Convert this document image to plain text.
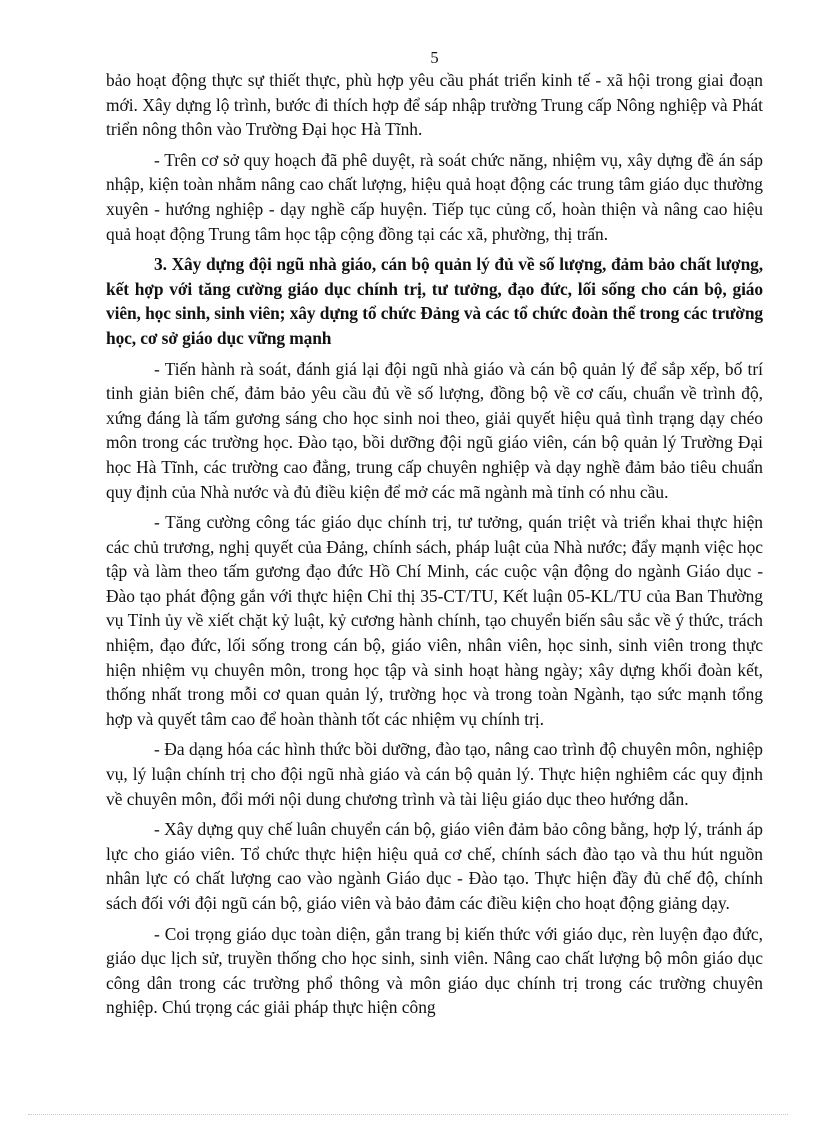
5

bảo hoạt động thực sự thiết thực, phù hợp yêu cầu phát triển kinh tế - xã hội trong giai đoạn mới. Xây dựng lộ trình, bước đi thích hợp để sáp nhập trường Trung cấp Nông nghiệp và Phát triển nông thôn vào Trường Đại học Hà Tĩnh.

- Trên cơ sở quy hoạch đã phê duyệt, rà soát chức năng, nhiệm vụ, xây dựng đề án sáp nhập, kiện toàn nhằm nâng cao chất lượng, hiệu quả hoạt động các trung tâm giáo dục thường xuyên - hướng nghiệp - dạy nghề cấp huyện. Tiếp tục củng cố, hoàn thiện và nâng cao hiệu quả hoạt động Trung tâm học tập cộng đồng tại các xã, phường, thị trấn.

3. Xây dựng đội ngũ nhà giáo, cán bộ quản lý đủ về số lượng, đảm bảo chất lượng, kết hợp với tăng cường giáo dục chính trị, tư tưởng, đạo đức, lối sống cho cán bộ, giáo viên, học sinh, sinh viên; xây dựng tổ chức Đảng và các tổ chức đoàn thể trong các trường học, cơ sở giáo dục vững mạnh

- Tiến hành rà soát, đánh giá lại đội ngũ nhà giáo và cán bộ quản lý để sắp xếp, bố trí tinh giản biên chế, đảm bảo yêu cầu đủ về số lượng, đồng bộ về cơ cấu, chuẩn về trình độ, xứng đáng là tấm gương sáng cho học sinh noi theo, giải quyết hiệu quả tình trạng dạy chéo môn trong các trường học. Đào tạo, bồi dưỡng đội ngũ giáo viên, cán bộ quản lý Trường Đại học Hà Tĩnh, các trường cao đẳng, trung cấp chuyên nghiệp và dạy nghề đảm bảo tiêu chuẩn quy định của Nhà nước và đủ điều kiện để mở các mã ngành mà tỉnh có nhu cầu.

- Tăng cường công tác giáo dục chính trị, tư tưởng, quán triệt và triển khai thực hiện các chủ trương, nghị quyết của Đảng, chính sách, pháp luật của Nhà nước; đẩy mạnh việc học tập và làm theo tấm gương đạo đức Hồ Chí Minh, các cuộc vận động do ngành Giáo dục - Đào tạo phát động gắn với thực hiện Chỉ thị 35-CT/TU, Kết luận 05-KL/TU của Ban Thường vụ Tỉnh ủy về xiết chặt kỷ luật, kỷ cương hành chính, tạo chuyển biến sâu sắc về ý thức, trách nhiệm, đạo đức, lối sống trong cán bộ, giáo viên, nhân viên, học sinh, sinh viên trong thực hiện nhiệm vụ chuyên môn, trong học tập và sinh hoạt hàng ngày; xây dựng khối đoàn kết, thống nhất trong mỗi cơ quan quản lý, trường học và trong toàn Ngành, tạo sức mạnh tổng hợp và quyết tâm cao để hoàn thành tốt các nhiệm vụ chính trị.

- Đa dạng hóa các hình thức bồi dưỡng, đào tạo, nâng cao trình độ chuyên môn, nghiệp vụ, lý luận chính trị cho đội ngũ nhà giáo và cán bộ quản lý. Thực hiện nghiêm các quy định về chuyên môn, đổi mới nội dung chương trình và tài liệu giáo dục theo hướng dẫn.

- Xây dựng quy chế luân chuyển cán bộ, giáo viên đảm bảo công bằng, hợp lý, tránh áp lực cho giáo viên. Tổ chức thực hiện hiệu quả cơ chế, chính sách đào tạo và thu hút nguồn nhân lực có chất lượng cao vào ngành Giáo dục - Đào tạo. Thực hiện đầy đủ chế độ, chính sách đối với đội ngũ cán bộ, giáo viên và bảo đảm các điều kiện cho hoạt động giảng dạy.

- Coi trọng giáo dục toàn diện, gắn trang bị kiến thức với giáo dục, rèn luyện đạo đức, giáo dục lịch sử, truyền thống cho học sinh, sinh viên. Nâng cao chất lượng bộ môn giáo dục công dân trong các trường phổ thông và môn giáo dục chính trị trong các trường chuyên nghiệp. Chú trọng các giải pháp thực hiện công
